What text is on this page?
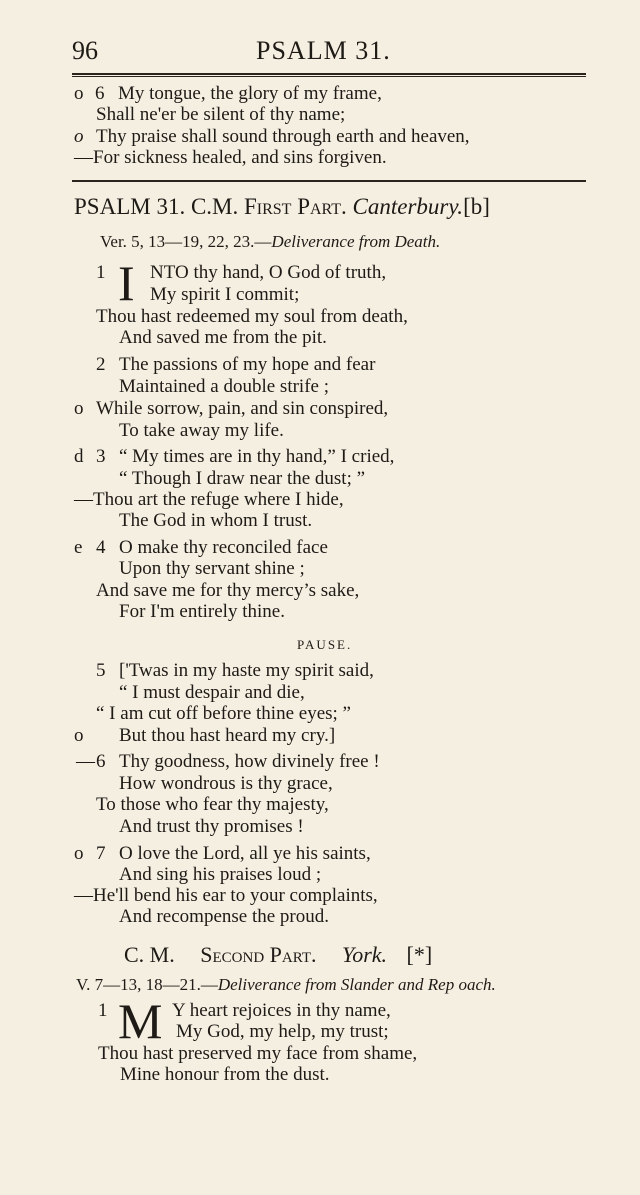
96	PSALM 31.
o 6 My tongue, the glory of my frame,
Shall ne'er be silent of thy name;
o Thy praise shall sound through earth and heaven,
—For sickness healed, and sins forgiven.
PSALM 31. C.M. First Part. Canterbury.[b]
Ver. 5, 13—19, 22, 23.—Deliverance from Death.
1 I NTO thy hand, O God of truth,
My spirit I commit;
Thou hast redeemed my soul from death,
And saved me from the pit.
2 The passions of my hope and fear
Maintained a double strife ;
o While sorrow, pain, and sin conspired,
To take away my life.
d 3 “ My times are in thy hand,” I cried,
“ Though I draw near the dust; ”
—Thou art the refuge where I hide,
The God in whom I trust.
e 4 O make thy reconciled face
Upon thy servant shine ;
And save me for thy mercy’s sake,
For I'm entirely thine.
PAUSE.
5 ['Twas in my haste my spirit said,
“ I must despair and die,
“ I am cut off before thine eyes; ”
o But thou hast heard my cry.]
— 6 Thy goodness, how divinely free !
How wondrous is thy grace,
To those who fear thy majesty,
And trust thy promises !
o 7 O love the Lord, all ye his saints,
And sing his praises loud ;
—He'll bend his ear to your complaints,
And recompense the proud.
C. M. Second Part. York. [*]
V. 7—13, 18—21.—Deliverance from Slander and Rep oach.
1 M Y heart rejoices in thy name,
My God, my help, my trust;
Thou hast preserved my face from shame,
Mine honour from the dust.
